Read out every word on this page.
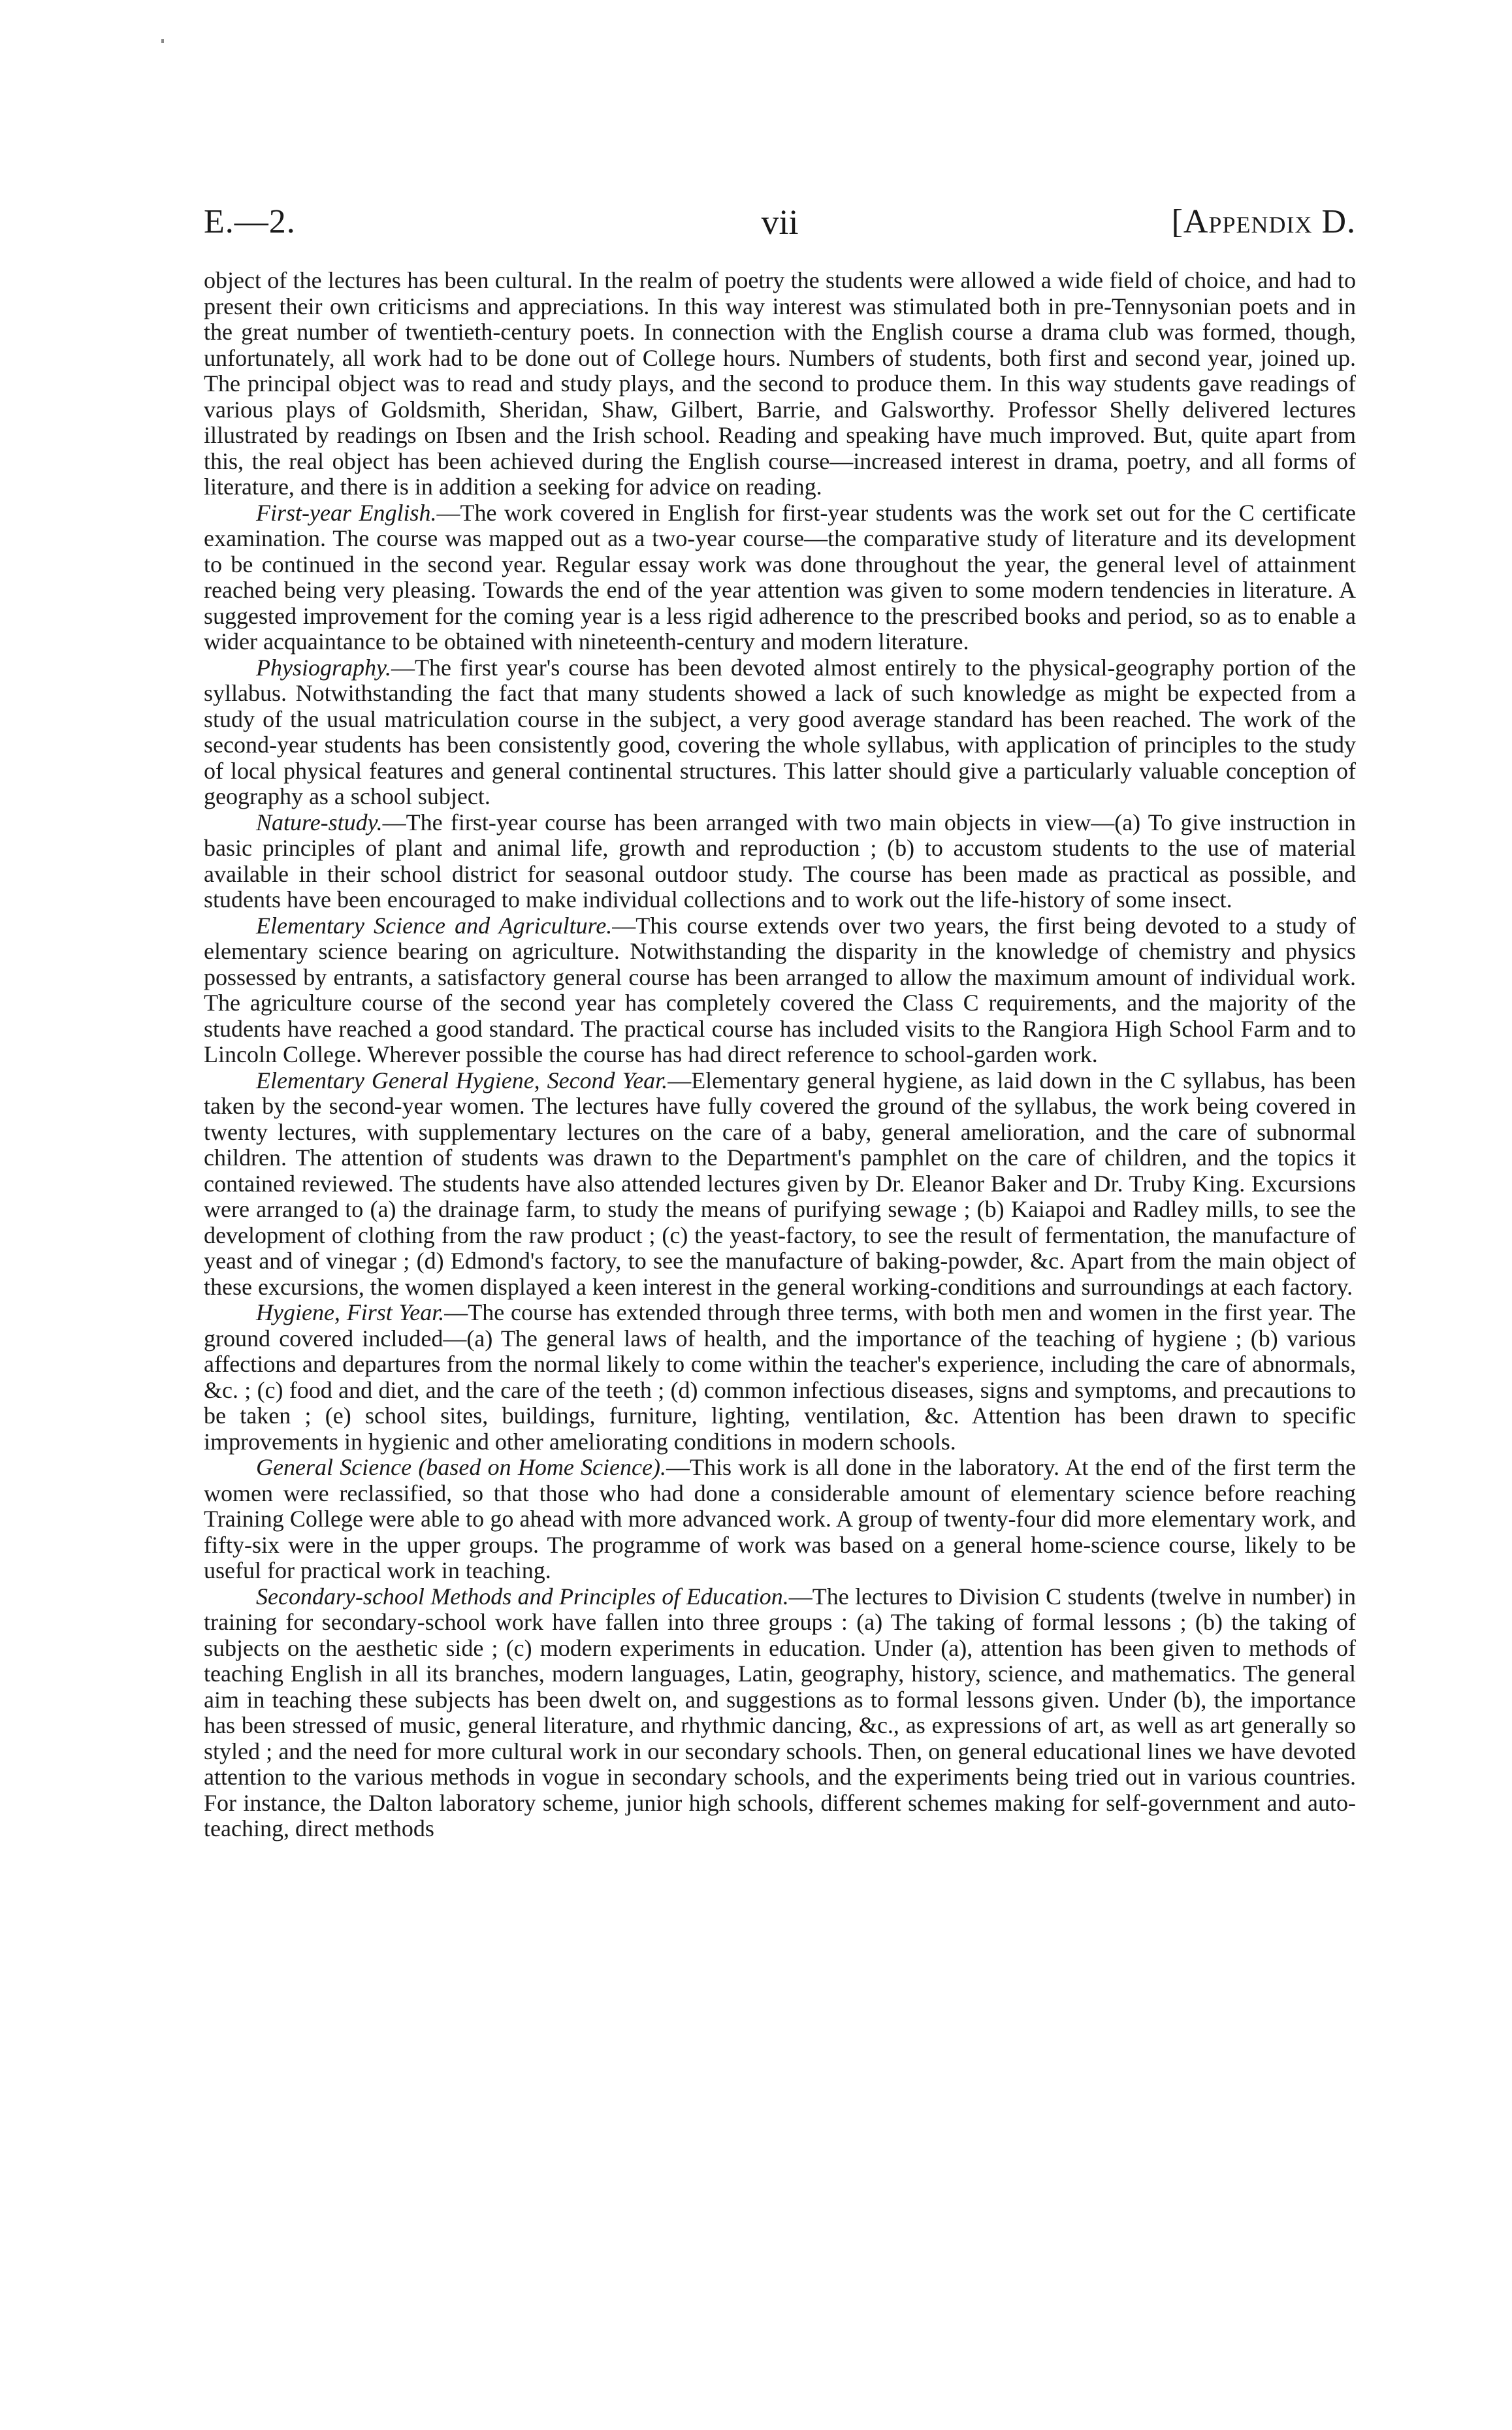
E.—2.	vii	[Appendix D.

object of the lectures has been cultural. In the realm of poetry the students were allowed a wide field of choice, and had to present their own criticisms and appreciations. In this way interest was stimulated both in pre-Tennysonian poets and in the great number of twentieth-century poets. In connection with the English course a drama club was formed, though, unfortunately, all work had to be done out of College hours. Numbers of students, both first and second year, joined up. The principal object was to read and study plays, and the second to produce them. In this way students gave readings of various plays of Goldsmith, Sheridan, Shaw, Gilbert, Barrie, and Galsworthy. Professor Shelly delivered lectures illustrated by readings on Ibsen and the Irish school. Reading and speaking have much improved. But, quite apart from this, the real object has been achieved during the English course—increased interest in drama, poetry, and all forms of literature, and there is in addition a seeking for advice on reading.

First-year English.—The work covered in English for first-year students was the work set out for the C certificate examination. The course was mapped out as a two-year course—the comparative study of literature and its development to be continued in the second year. Regular essay work was done throughout the year, the general level of attainment reached being very pleasing. Towards the end of the year attention was given to some modern tendencies in literature. A suggested improvement for the coming year is a less rigid adherence to the prescribed books and period, so as to enable a wider acquaintance to be obtained with nineteenth-century and modern literature.

Physiography.—The first year's course has been devoted almost entirely to the physical-geography portion of the syllabus. Notwithstanding the fact that many students showed a lack of such knowledge as might be expected from a study of the usual matriculation course in the subject, a very good average standard has been reached. The work of the second-year students has been consistently good, covering the whole syllabus, with application of principles to the study of local physical features and general continental structures. This latter should give a particularly valuable conception of geography as a school subject.

Nature-study.—The first-year course has been arranged with two main objects in view—(a) To give instruction in basic principles of plant and animal life, growth and reproduction ; (b) to accustom students to the use of material available in their school district for seasonal outdoor study. The course has been made as practical as possible, and students have been encouraged to make individual collections and to work out the life-history of some insect.

Elementary Science and Agriculture.—This course extends over two years, the first being devoted to a study of elementary science bearing on agriculture. Notwithstanding the disparity in the knowledge of chemistry and physics possessed by entrants, a satisfactory general course has been arranged to allow the maximum amount of individual work. The agriculture course of the second year has completely covered the Class C requirements, and the majority of the students have reached a good standard. The practical course has included visits to the Rangiora High School Farm and to Lincoln College. Wherever possible the course has had direct reference to school-garden work.

Elementary General Hygiene, Second Year.—Elementary general hygiene, as laid down in the C syllabus, has been taken by the second-year women. The lectures have fully covered the ground of the syllabus, the work being covered in twenty lectures, with supplementary lectures on the care of a baby, general amelioration, and the care of subnormal children. The attention of students was drawn to the Department's pamphlet on the care of children, and the topics it contained reviewed. The students have also attended lectures given by Dr. Eleanor Baker and Dr. Truby King. Excursions were arranged to (a) the drainage farm, to study the means of purifying sewage ; (b) Kaiapoi and Radley mills, to see the development of clothing from the raw product ; (c) the yeast-factory, to see the result of fermentation, the manufacture of yeast and of vinegar ; (d) Edmond's factory, to see the manufacture of baking-powder, &c. Apart from the main object of these excursions, the women displayed a keen interest in the general working-conditions and surroundings at each factory.

Hygiene, First Year.—The course has extended through three terms, with both men and women in the first year. The ground covered included—(a) The general laws of health, and the importance of the teaching of hygiene ; (b) various affections and departures from the normal likely to come within the teacher's experience, including the care of abnormals, &c. ; (c) food and diet, and the care of the teeth ; (d) common infectious diseases, signs and symptoms, and precautions to be taken ; (e) school sites, buildings, furniture, lighting, ventilation, &c. Attention has been drawn to specific improvements in hygienic and other ameliorating conditions in modern schools.

General Science (based on Home Science).—This work is all done in the laboratory. At the end of the first term the women were reclassified, so that those who had done a considerable amount of elementary science before reaching Training College were able to go ahead with more advanced work. A group of twenty-four did more elementary work, and fifty-six were in the upper groups. The programme of work was based on a general home-science course, likely to be useful for practical work in teaching.

Secondary-school Methods and Principles of Education.—The lectures to Division C students (twelve in number) in training for secondary-school work have fallen into three groups : (a) The taking of formal lessons ; (b) the taking of subjects on the aesthetic side ; (c) modern experiments in education. Under (a), attention has been given to methods of teaching English in all its branches, modern languages, Latin, geography, history, science, and mathematics. The general aim in teaching these subjects has been dwelt on, and suggestions as to formal lessons given. Under (b), the importance has been stressed of music, general literature, and rhythmic dancing, &c., as expressions of art, as well as art generally so styled ; and the need for more cultural work in our secondary schools. Then, on general educational lines we have devoted attention to the various methods in vogue in secondary schools, and the experiments being tried out in various countries. For instance, the Dalton laboratory scheme, junior high schools, different schemes making for self-government and auto-teaching, direct methods
